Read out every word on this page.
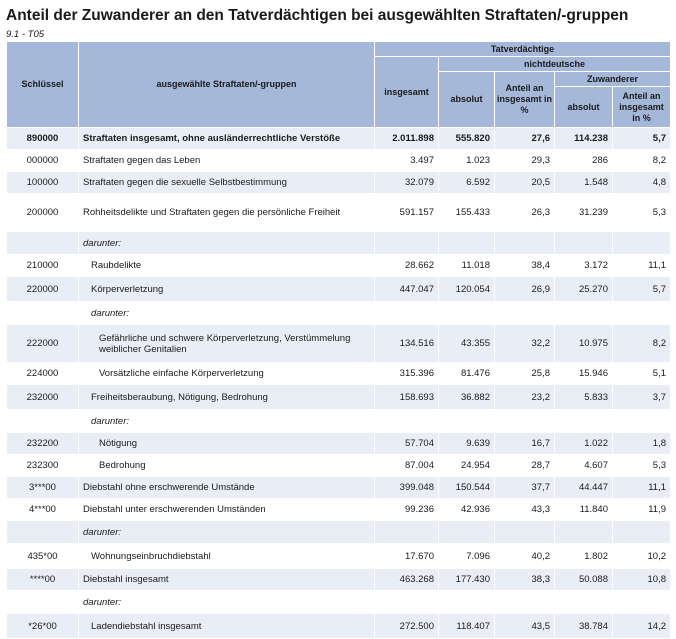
Anteil der Zuwanderer an den Tatverdächtigen bei ausgewählten Straftaten/-gruppen
9.1 - T05
Schlüssel	ausgewählte Straftaten/-gruppen	Tatverdächtige				
		insgesamt	nichtdeutsche			
			absolut	Anteil an insgesamt in %	Zuwanderer	
					absolut	Anteil an insgesamt in %
890000	Straftaten insgesamt, ohne ausländerrechtliche Verstöße	2.011.898	555.820	27,6	114.238	5,7
000000	Straftaten gegen das Leben	3.497	1.023	29,3	286	8,2
100000	Straftaten gegen die sexuelle Selbstbestimmung	32.079	6.592	20,5	1.548	4,8
200000	Rohheitsdelikte und Straftaten gegen die persönliche Freiheit	591.157	155.433	26,3	31.239	5,3
	darunter:					
210000	Raubdelikte	28.662	11.018	38,4	3.172	11,1
220000	Körperverletzung	447.047	120.054	26,9	25.270	5,7
	darunter:					
222000	Gefährliche und schwere Körperverletzung, Verstümmelung weiblicher Genitalien	134.516	43.355	32,2	10.975	8,2
224000	Vorsätzliche einfache Körperverletzung	315.396	81.476	25,8	15.946	5,1
232000	Freiheitsberaubung, Nötigung, Bedrohung	158.693	36.882	23,2	5.833	3,7
	darunter:					
232200	Nötigung	57.704	9.639	16,7	1.022	1,8
232300	Bedrohung	87.004	24.954	28,7	4.607	5,3
3***00	Diebstahl ohne erschwerende Umstände	399.048	150.544	37,7	44.447	11,1
4***00	Diebstahl unter erschwerenden Umständen	99.236	42.936	43,3	11.840	11,9
	darunter:					
435*00	Wohnungseinbruchdiebstahl	17.670	7.096	40,2	1.802	10,2
****00	Diebstahl insgesamt	463.268	177.430	38,3	50.088	10,8
	darunter:					
*26*00	Ladendiebstahl insgesamt	272.500	118.407	43,5	38.784	14,2
